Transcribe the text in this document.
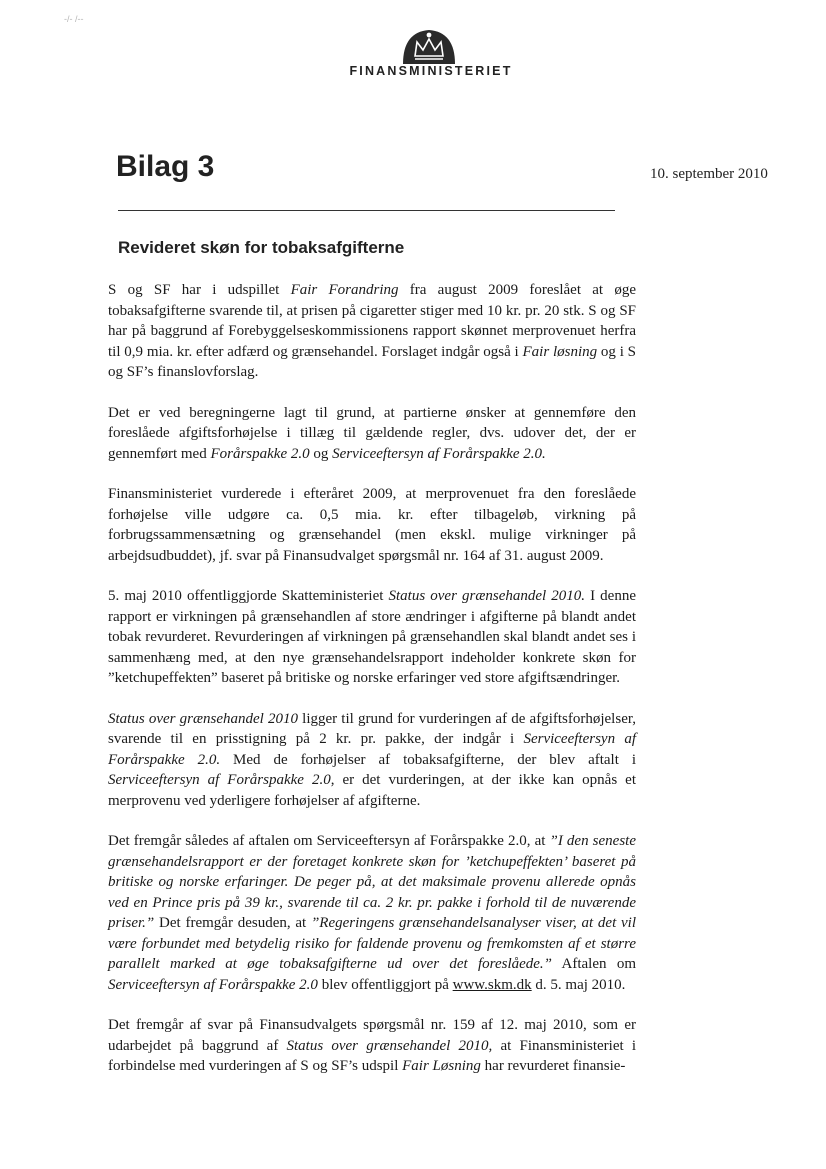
-/- /--
FINANSMINISTERIET
Bilag 3	10. september 2010
Revideret skøn for tobaksafgifterne

S og SF har i udspillet Fair Forandring fra august 2009 foreslået at øge tobaksafgifterne svarende til, at prisen på cigaretter stiger med 10 kr. pr. 20 stk. S og SF har på baggrund af Forebyggelseskommissionens rapport skønnet merprovenuet herfra til 0,9 mia. kr. efter adfærd og grænsehandel. Forslaget indgår også i Fair løsning og i S og SF’s finanslovforslag.

Det er ved beregningerne lagt til grund, at partierne ønsker at gennemføre den foreslåede afgiftsforhøjelse i tillæg til gældende regler, dvs. udover det, der er gennemført med Forårspakke 2.0 og Serviceeftersyn af Forårspakke 2.0.

Finansministeriet vurderede i efteråret 2009, at merprovenuet fra den foreslåede forhøjelse ville udgøre ca. 0,5 mia. kr. efter tilbageløb, virkning på forbrugssammensætning og grænsehandel (men ekskl. mulige virkninger på arbejdsudbuddet), jf. svar på Finansudvalget spørgsmål nr. 164 af 31. august 2009.

5. maj 2010 offentliggjorde Skatteministeriet Status over grænsehandel 2010. I denne rapport er virkningen på grænsehandlen af store ændringer i afgifterne på blandt andet tobak revurderet. Revurderingen af virkningen på grænsehandlen skal blandt andet ses i sammenhæng med, at den nye grænsehandelsrapport indeholder konkrete skøn for ”ketchupeffekten” baseret på britiske og norske erfaringer ved store afgiftsændringer.

Status over grænsehandel 2010 ligger til grund for vurderingen af de afgiftsforhøjelser, svarende til en prisstigning på 2 kr. pr. pakke, der indgår i Serviceeftersyn af Forårspakke 2.0. Med de forhøjelser af tobaksafgifterne, der blev aftalt i Serviceeftersyn af Forårspakke 2.0, er det vurderingen, at der ikke kan opnås et merprovenu ved yderligere forhøjelser af afgifterne.

Det fremgår således af aftalen om Serviceeftersyn af Forårspakke 2.0, at ”I den seneste grænsehandelsrapport er der foretaget konkrete skøn for ’ketchupeffekten’ baseret på britiske og norske erfaringer. De peger på, at det maksimale provenu allerede opnås ved en Prince pris på 39 kr., svarende til ca. 2 kr. pr. pakke i forhold til de nuværende priser.” Det fremgår desuden, at ”Regeringens grænsehandelsanalyser viser, at det vil være forbundet med betydelig risiko for faldende provenu og fremkomsten af et større parallelt marked at øge tobaksafgifterne ud over det foreslåede.” Aftalen om Serviceeftersyn af Forårspakke 2.0 blev offentliggjort på www.skm.dk d. 5. maj 2010.

Det fremgår af svar på Finansudvalgets spørgsmål nr. 159 af 12. maj 2010, som er udarbejdet på baggrund af Status over grænsehandel 2010, at Finansministeriet i forbindelse med vurderingen af S og SF’s udspil Fair Løsning har revurderet finansie-
